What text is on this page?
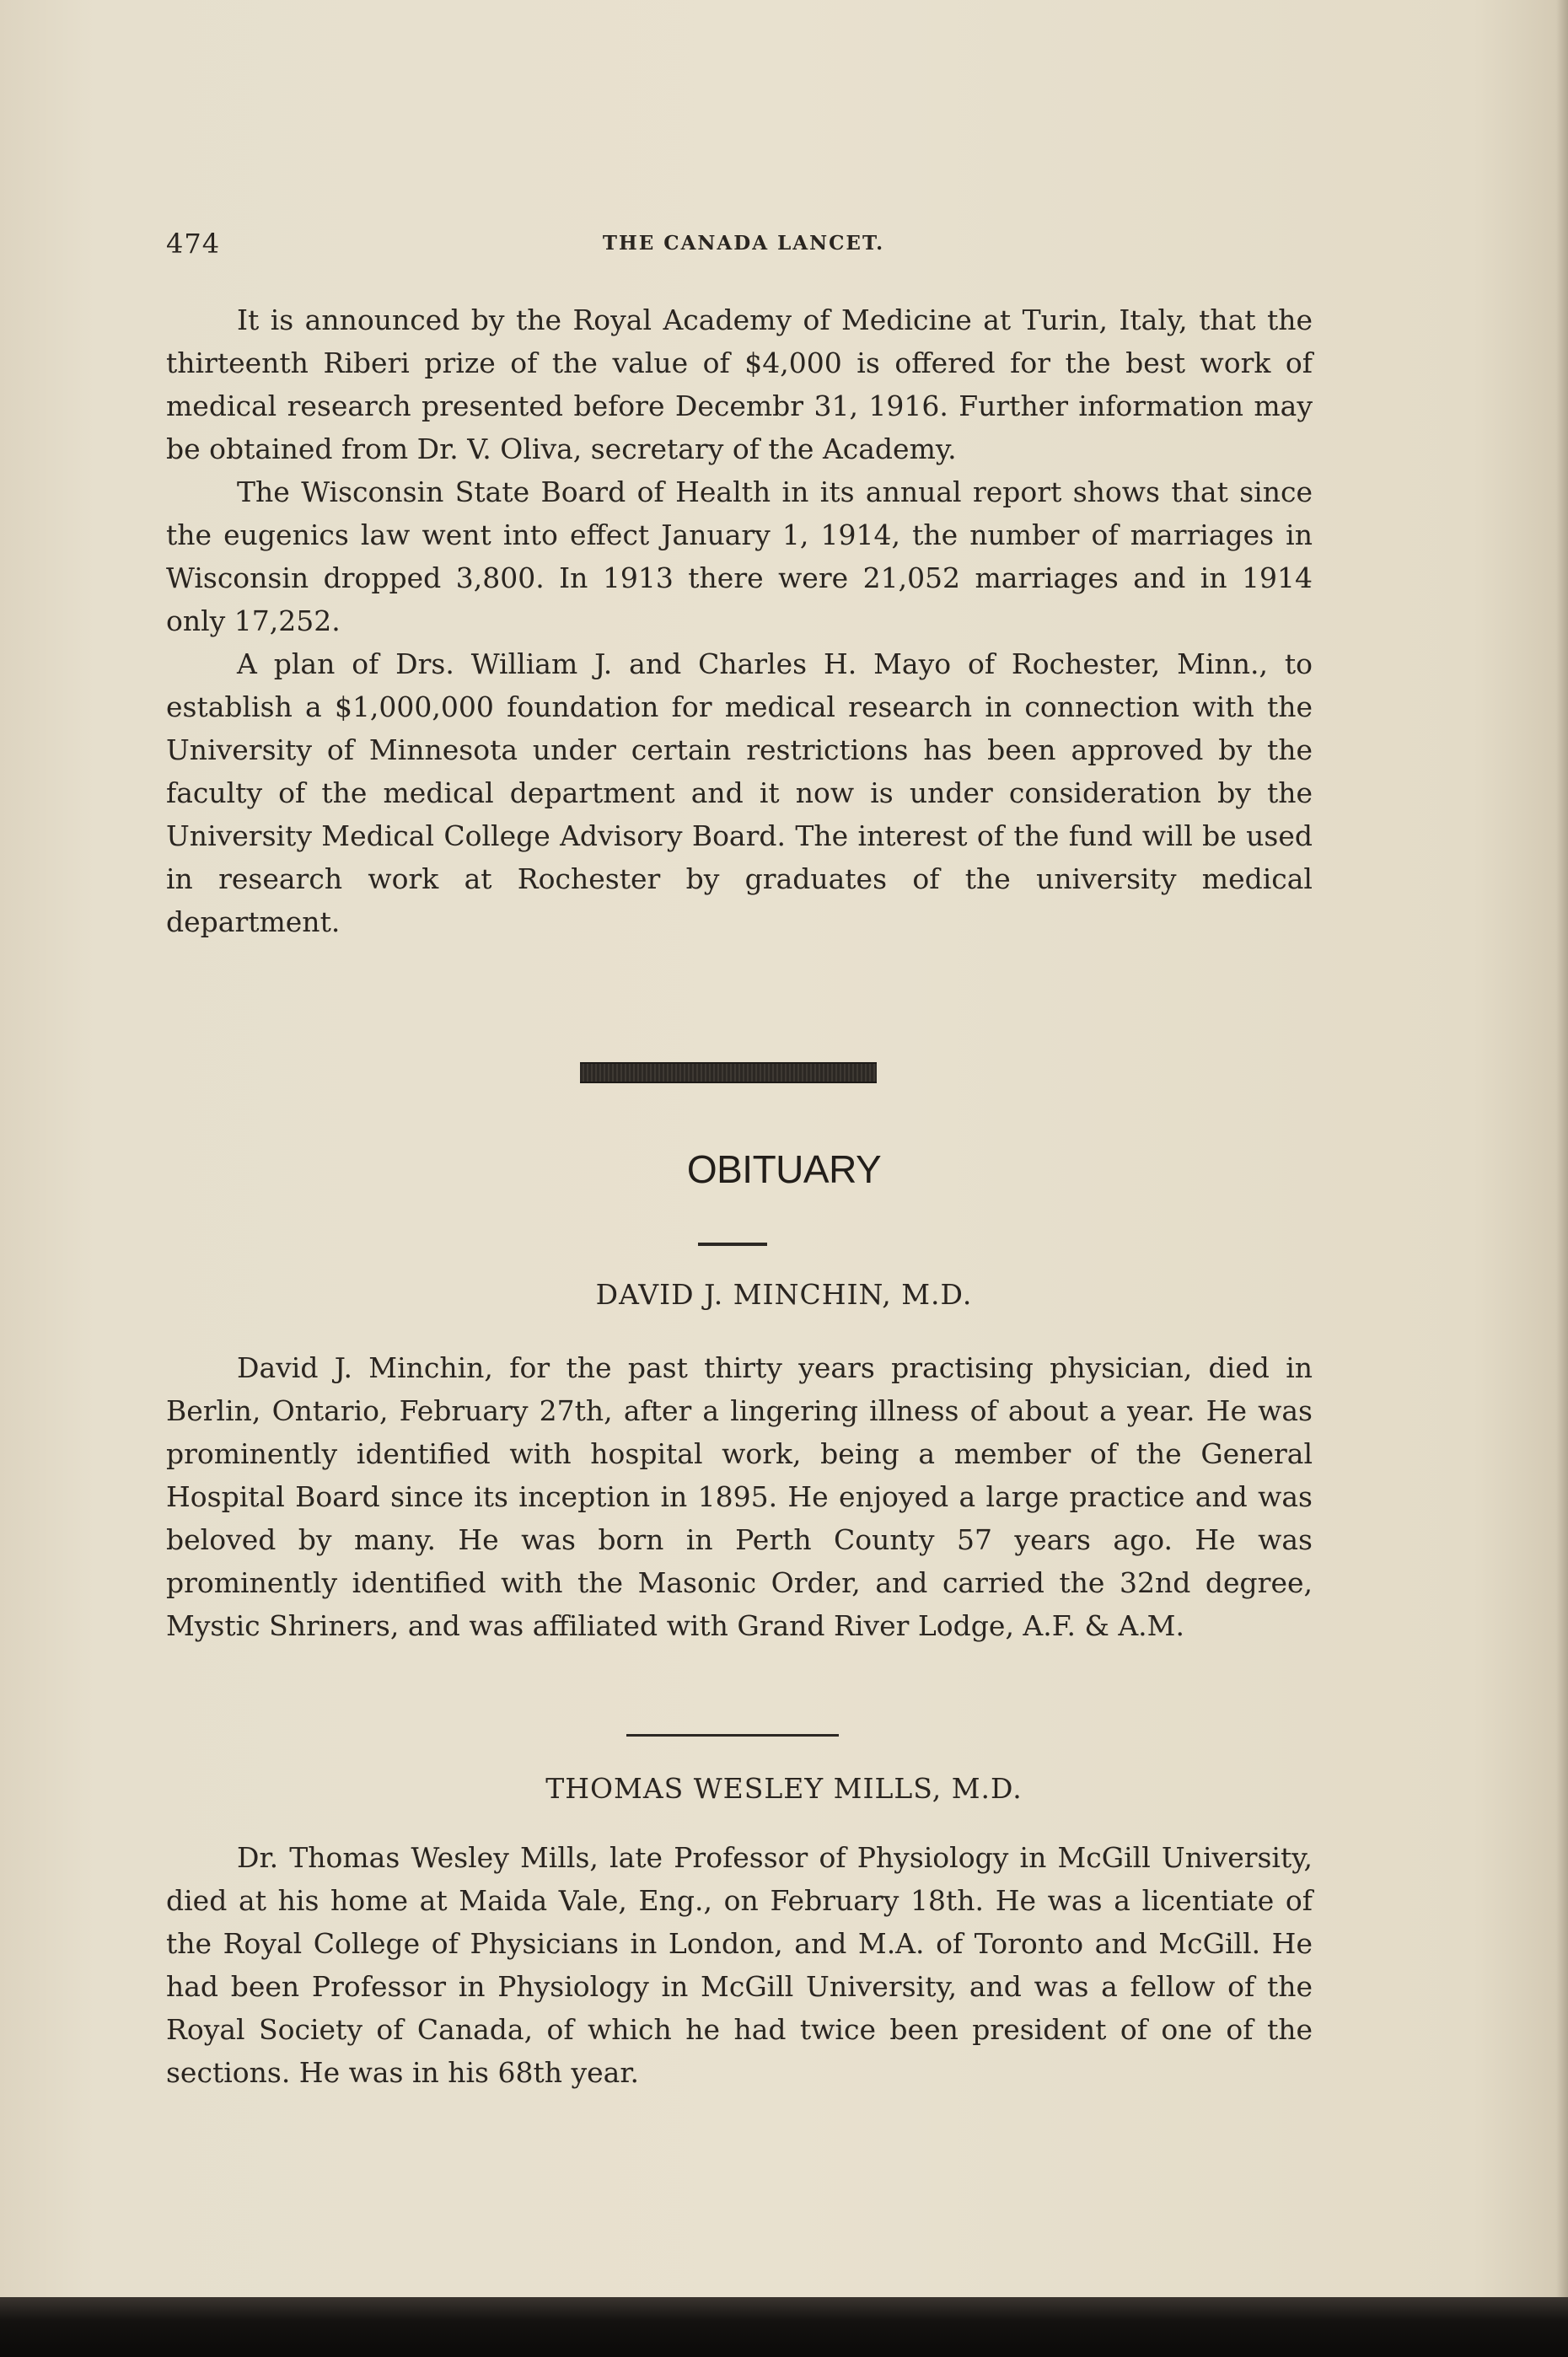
474	THE CANADA LANCET.

It is announced by the Royal Academy of Medicine at Turin, Italy, that the thirteenth Riberi prize of the value of $4,000 is offered for the best work of medical research presented before Decembr 31, 1916. Further information may be obtained from Dr. V. Oliva, secretary of the Academy.

The Wisconsin State Board of Health in its annual report shows that since the eugenics law went into effect January 1, 1914, the number of marriages in Wisconsin dropped 3,800. In 1913 there were 21,052 marriages and in 1914 only 17,252.

A plan of Drs. William J. and Charles H. Mayo of Rochester, Minn., to establish a $1,000,000 foundation for medical research in connection with the University of Minnesota under certain restrictions has been approved by the faculty of the medical department and it now is under consideration by the University Medical College Advisory Board. The interest of the fund will be used in research work at Rochester by graduates of the university medical department.

OBITUARY
DAVID J. MINCHIN, M.D.

David J. Minchin, for the past thirty years practising physician, died in Berlin, Ontario, February 27th, after a lingering illness of about a year. He was prominently identified with hospital work, being a member of the General Hospital Board since its inception in 1895. He enjoyed a large practice and was beloved by many. He was born in Perth County 57 years ago. He was prominently identified with the Masonic Order, and carried the 32nd degree, Mystic Shriners, and was affiliated with Grand River Lodge, A.F. & A.M.

THOMAS WESLEY MILLS, M.D.

Dr. Thomas Wesley Mills, late Professor of Physiology in McGill University, died at his home at Maida Vale, Eng., on February 18th. He was a licentiate of the Royal College of Physicians in London, and M.A. of Toronto and McGill. He had been Professor in Physiology in McGill University, and was a fellow of the Royal Society of Canada, of which he had twice been president of one of the sections. He was in his 68th year.
